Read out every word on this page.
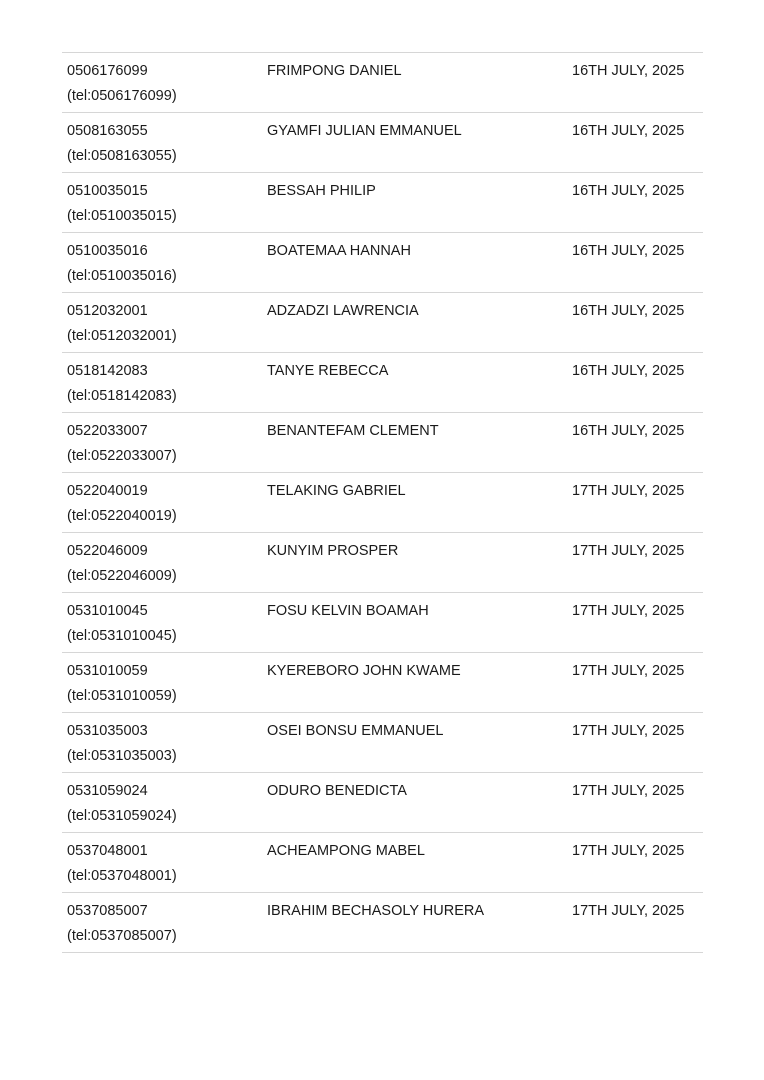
0506176099
(tel:0506176099)
FRIMPONG DANIEL	16TH JULY, 2025
0508163055
(tel:0508163055)
GYAMFI JULIAN EMMANUEL	16TH JULY, 2025
0510035015
(tel:0510035015)
BESSAH PHILIP	16TH JULY, 2025
0510035016
(tel:0510035016)
BOATEMAA HANNAH	16TH JULY, 2025
0512032001
(tel:0512032001)
ADZADZI LAWRENCIA	16TH JULY, 2025
0518142083
(tel:0518142083)
TANYE REBECCA	16TH JULY, 2025
0522033007
(tel:0522033007)
BENANTEFAM CLEMENT	16TH JULY, 2025
0522040019
(tel:0522040019)
TELAKING GABRIEL	17TH JULY, 2025
0522046009
(tel:0522046009)
KUNYIM PROSPER	17TH JULY, 2025
0531010045
(tel:0531010045)
FOSU KELVIN BOAMAH	17TH JULY, 2025
0531010059
(tel:0531010059)
KYEREBORO JOHN KWAME	17TH JULY, 2025
0531035003
(tel:0531035003)
OSEI BONSU EMMANUEL	17TH JULY, 2025
0531059024
(tel:0531059024)
ODURO BENEDICTA	17TH JULY, 2025
0537048001
(tel:0537048001)
ACHEAMPONG MABEL	17TH JULY, 2025
0537085007
(tel:0537085007)
IBRAHIM BECHASOLY HURERA	17TH JULY, 2025
